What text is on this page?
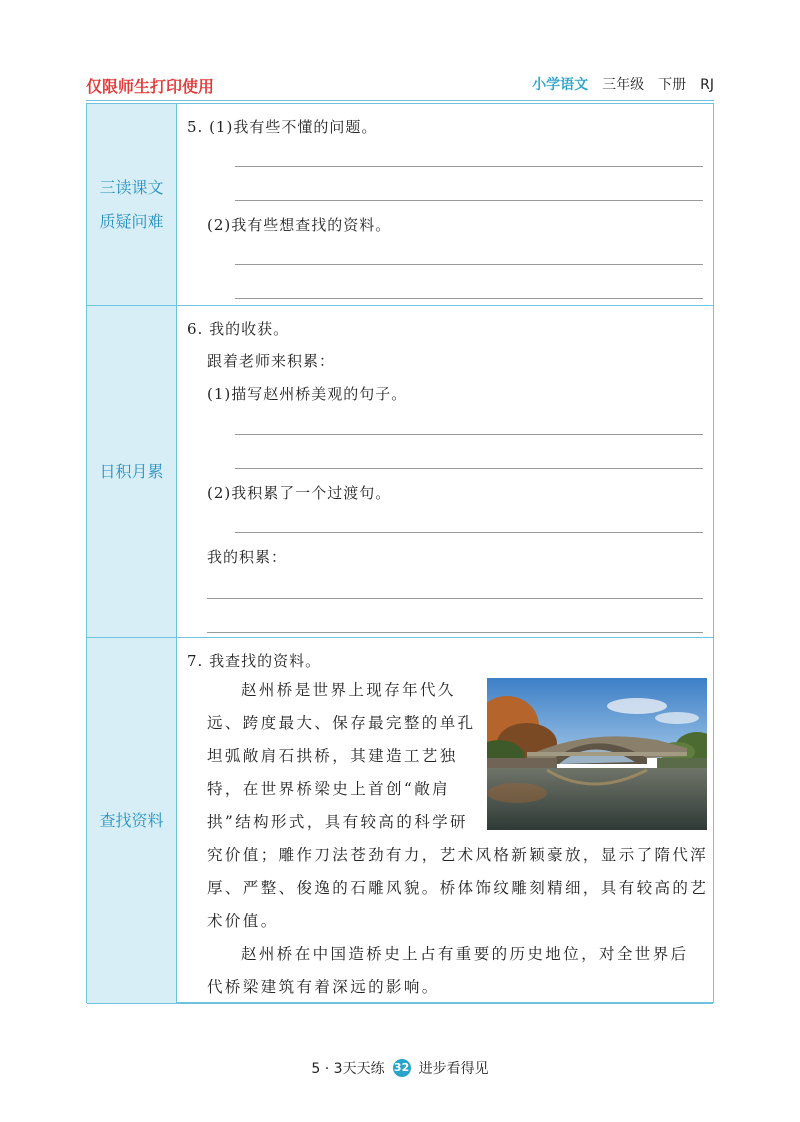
仅限师生打印使用	小学语文 三年级 下册 RJ
三读课文
质疑问难
5. (1)我有些不懂的问题。
(2)我有些想查找的资料。
日积月累
6. 我的收获。
跟着老师来积累：
(1)描写赵州桥美观的句子。
(2)我积累了一个过渡句。
我的积累：
查找资料
7. 我查找的资料。
赵州桥是世界上现存年代久
远、跨度最大、保存最完整的单孔
坦弧敞肩石拱桥，其建造工艺独
特，在世界桥梁史上首创“敞肩
拱”结构形式，具有较高的科学研
究价值；雕作刀法苍劲有力，艺术风格新颖豪放，显示了隋代浑
厚、严整、俊逸的石雕风貌。桥体饰纹雕刻精细，具有较高的艺
术价值。
赵州桥在中国造桥史上占有重要的历史地位，对全世界后
代桥梁建筑有着深远的影响。
5 · 3天天练 32 进步看得见
